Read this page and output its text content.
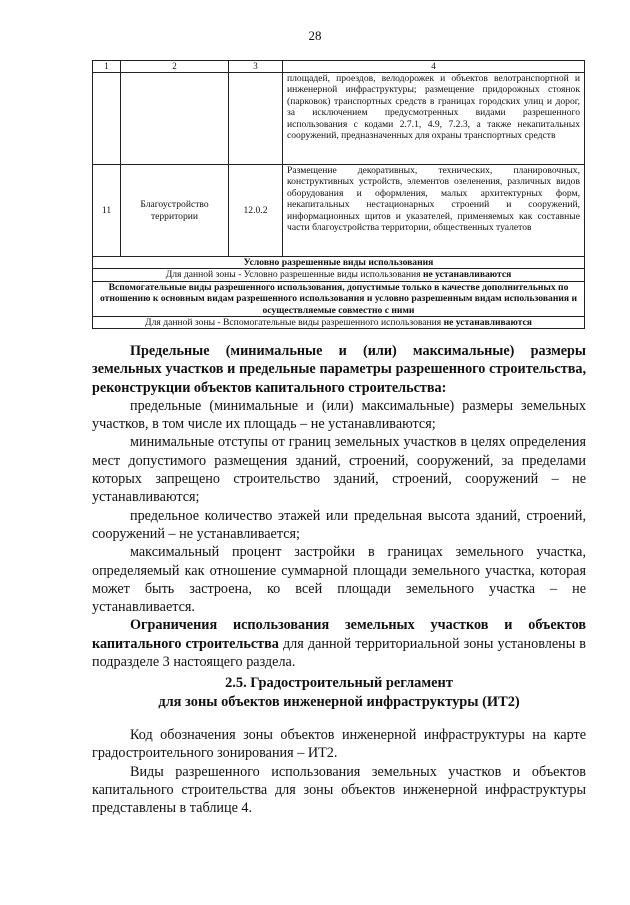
28
1	2	3	4

			площадей, проездов, велодорожек и объектов велотранспортной и инженерной инфраструктуры; размещение придорожных стоянок (парковок) транспортных средств в границах городских улиц и дорог, за исключением предусмотренных видами разрешенного использования с кодами 2.7.1, 4.9, 7.2.3, а также некапитальных сооружений, предназначенных для охраны транспортных средств

11	Благоустройство территории	12.0.2	Размещение декоративных, технических, планировочных, конструктивных устройств, элементов озеленения, различных видов оборудования и оформления, малых архитектурных форм, некапитальных нестационарных строений и сооружений, информационных щитов и указателей, применяемых как составные части благоустройства территории, общественных туалетов

Условно разрешенные виды использования			
Для данной зоны - Условно разрешенные виды использования не устанавливаются			
Вспомогательные виды разрешенного использования, допустимые только в качестве дополнительных по отношению к основным видам разрешенного использования и условно разрешенным видам использования и осуществляемые совместно с ними			
Для данной зоны - Вспомогательные виды разрешенного использования не устанавливаются			

Предельные (минимальные и (или) максимальные) размеры земельных участков и предельные параметры разрешенного строительства, реконструкции объектов капитального строительства:

предельные (минимальные и (или) максимальные) размеры земельных участков, в том числе их площадь – не устанавливаются;

минимальные отступы от границ земельных участков в целях определения мест допустимого размещения зданий, строений, сооружений, за пределами которых запрещено строительство зданий, строений, сооружений – не устанавливаются;

предельное количество этажей или предельная высота зданий, строений, сооружений – не устанавливается;

максимальный процент застройки в границах земельного участка, определяемый как отношение суммарной площади земельного участка, которая может быть застроена, ко всей площади земельного участка – не устанавливается.

Ограничения использования земельных участков и объектов капитального строительства для данной территориальной зоны установлены в подразделе 3 настоящего раздела.

2.5. Градостроительный регламент
для зоны объектов инженерной инфраструктуры (ИТ2)

Код обозначения зоны объектов инженерной инфраструктуры на карте градостроительного зонирования – ИТ2.

Виды разрешенного использования земельных участков и объектов капитального строительства для зоны объектов инженерной инфраструктуры представлены в таблице 4.
